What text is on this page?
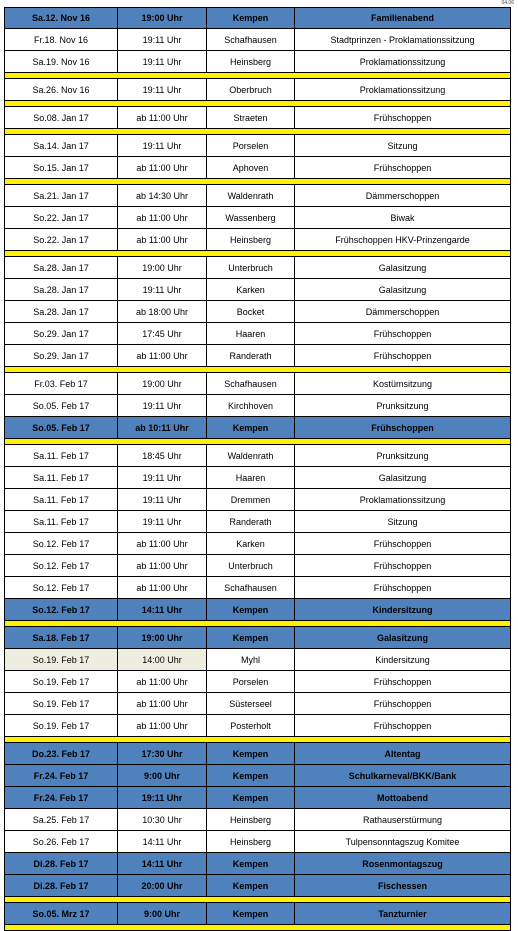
04.06
Sa.12. Nov 16	19:00 Uhr	Kempen	Familienabend
Fr.18. Nov 16	19:11 Uhr	Schafhausen	Stadtprinzen - Proklamationssitzung
Sa.19. Nov 16	19:11 Uhr	Heinsberg	Proklamationssitzung
Sa.26. Nov 16	19:11 Uhr	Oberbruch	Proklamationssitzung
So.08. Jan 17	ab 11:00 Uhr	Straeten	Frühschoppen
Sa.14. Jan 17	19:11 Uhr	Porselen	Sitzung
So.15. Jan 17	ab 11:00 Uhr	Aphoven	Frühschoppen
Sa.21. Jan 17	ab 14:30 Uhr	Waldenrath	Dämmerschoppen
So.22. Jan 17	ab 11:00 Uhr	Wassenberg	Biwak
So.22. Jan 17	ab 11:00 Uhr	Heinsberg	Frühschoppen HKV-Prinzengarde
Sa.28. Jan 17	19:00 Uhr	Unterbruch	Galasitzung
Sa.28. Jan 17	19:11 Uhr	Karken	Galasitzung
Sa.28. Jan 17	ab 18:00 Uhr	Bocket	Dämmerschoppen
So.29. Jan 17	17:45 Uhr	Haaren	Frühschoppen
So.29. Jan 17	ab 11:00 Uhr	Randerath	Frühschoppen
Fr.03. Feb 17	19:00 Uhr	Schafhausen	Kostümsitzung
So.05. Feb 17	19:11 Uhr	Kirchhoven	Prunksitzung
So.05. Feb 17	ab 10:11 Uhr	Kempen	Frühschoppen
Sa.11. Feb 17	18:45 Uhr	Waldenrath	Prunksitzung
Sa.11. Feb 17	19:11 Uhr	Haaren	Galasitzung
Sa.11. Feb 17	19:11 Uhr	Dremmen	Proklamationssitzung
Sa.11. Feb 17	19:11 Uhr	Randerath	Sitzung
So.12. Feb 17	ab 11:00 Uhr	Karken	Frühschoppen
So.12. Feb 17	ab 11:00 Uhr	Unterbruch	Frühschoppen
So.12. Feb 17	ab 11:00 Uhr	Schafhausen	Frühschoppen
So.12. Feb 17	14:11 Uhr	Kempen	Kindersitzung
Sa.18. Feb 17	19:00 Uhr	Kempen	Galasitzung
So.19. Feb 17	14:00 Uhr	Myhl	Kindersitzung
So.19. Feb 17	ab 11:00 Uhr	Porselen	Frühschoppen
So.19. Feb 17	ab 11:00 Uhr	Süsterseel	Frühschoppen
So.19. Feb 17	ab 11:00 Uhr	Posterholt	Frühschoppen
Do.23. Feb 17	17:30 Uhr	Kempen	Altentag
Fr.24. Feb 17	9:00 Uhr	Kempen	Schulkarneval/BKK/Bank
Fr.24. Feb 17	19:11 Uhr	Kempen	Mottoabend
Sa.25. Feb 17	10:30 Uhr	Heinsberg	Rathauserstürmung
So.26. Feb 17	14:11 Uhr	Heinsberg	Tulpensonntagszug Komitee
Di.28. Feb 17	14:11 Uhr	Kempen	Rosenmontagszug
Di.28. Feb 17	20:00 Uhr	Kempen	Fischessen
So.05. Mrz 17	9:00 Uhr	Kempen	Tanzturnier
